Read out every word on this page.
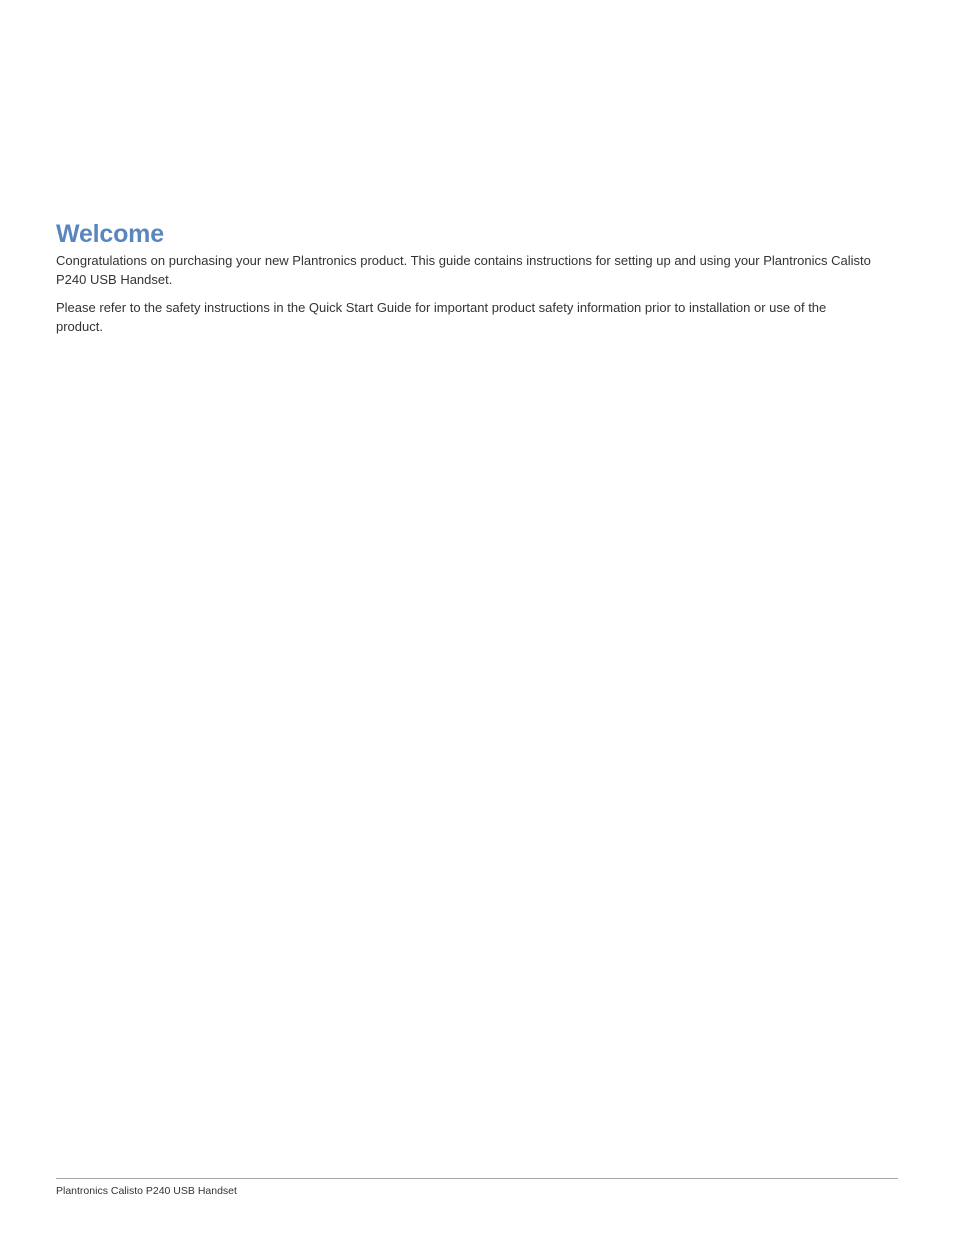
Welcome

Congratulations on purchasing your new Plantronics product. This guide contains instructions for setting up and using your Plantronics Calisto P240 USB Handset.

Please refer to the safety instructions in the Quick Start Guide for important product safety information prior to installation or use of the product.

Plantronics Calisto P240 USB Handset
